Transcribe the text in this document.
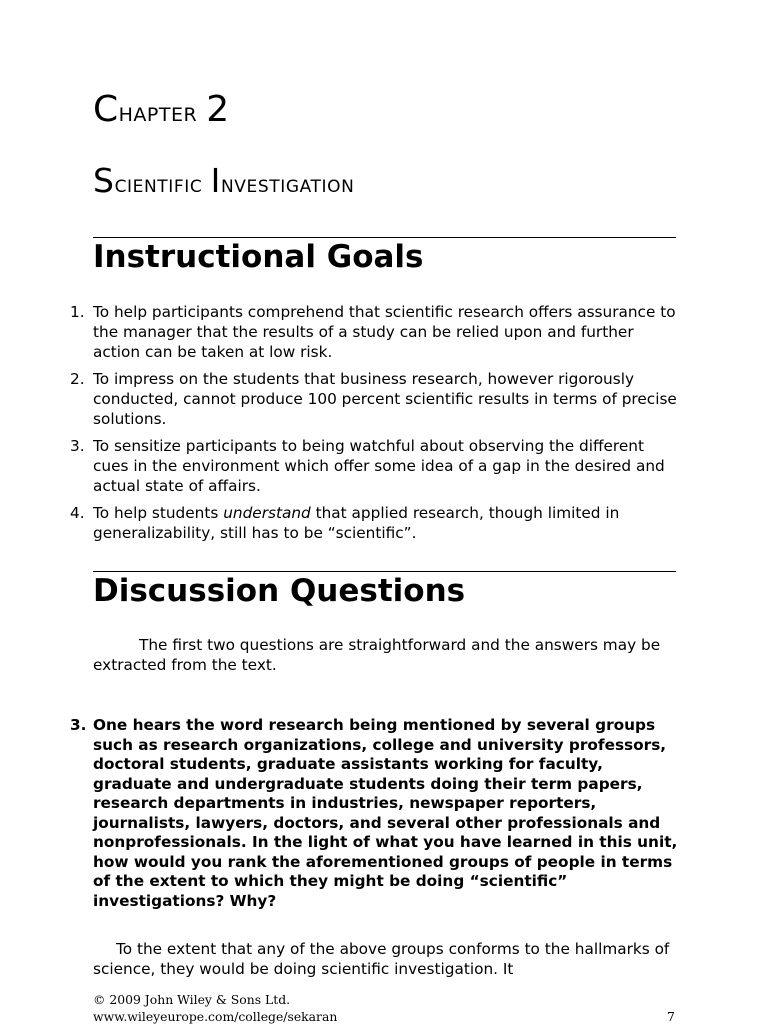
Chapter 2
Scientific Investigation
Instructional Goals
1. To help participants comprehend that scientific research offers assurance to the manager that the results of a study can be relied upon and further action can be taken at low risk.
2. To impress on the students that business research, however rigorously conducted, cannot produce 100 percent scientific results in terms of precise solutions.
3. To sensitize participants to being watchful about observing the different cues in the environment which offer some idea of a gap in the desired and actual state of affairs.
4. To help students understand that applied research, though limited in generalizability, still has to be “scientific”.
Discussion Questions

The first two questions are straightforward and the answers may be extracted from the text.

3. One hears the word research being mentioned by several groups such as research organizations, college and university professors, doctoral students, graduate assistants working for faculty, graduate and undergraduate students doing their term papers, research departments in industries, newspaper reporters, journalists, lawyers, doctors, and several other professionals and nonprofessionals. In the light of what you have learned in this unit, how would you rank the aforementioned groups of people in terms of the extent to which they might be doing “scientific” investigations? Why?

To the extent that any of the above groups conforms to the hallmarks of science, they would be doing scientific investigation. It

© 2009 John Wiley & Sons Ltd.
www.wileyeurope.com/college/sekaran	7
